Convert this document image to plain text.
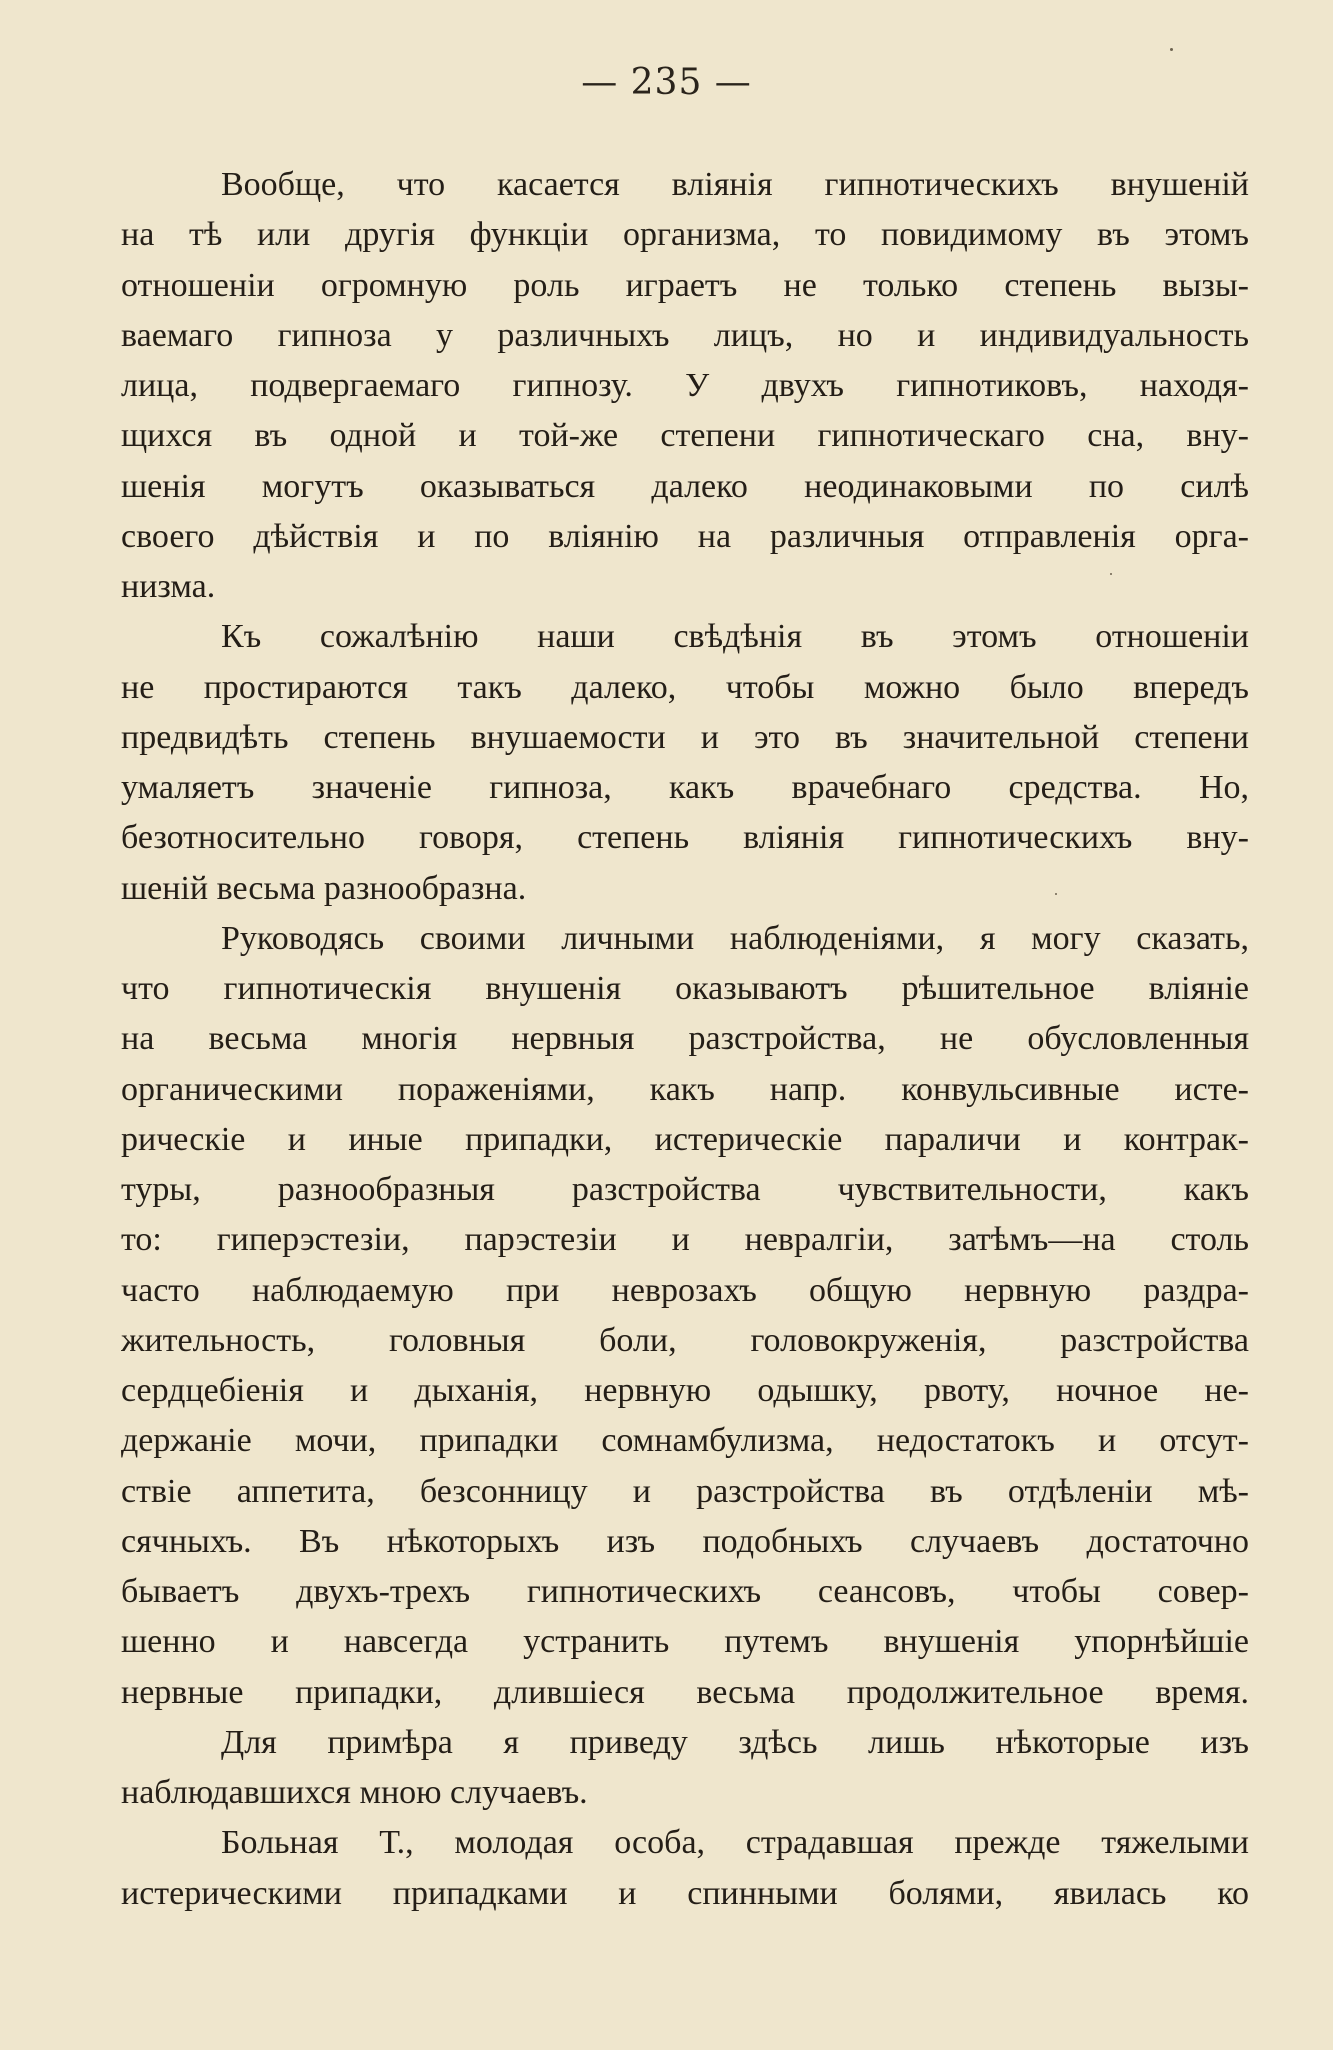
— 235 —
Вообще, что касается вліянія гипнотическихъ внушеній
на тѣ или другія функціи организма, то повидимому въ этомъ
отношеніи огромную роль играетъ не только степень вызы-
ваемаго гипноза у различныхъ лицъ, но и индивидуальность
лица, подвергаемаго гипнозу. У двухъ гипнотиковъ, находя-
щихся въ одной и той-же степени гипнотическаго сна, вну-
шенія могутъ оказываться далеко неодинаковыми по силѣ
своего дѣйствія и по вліянію на различныя отправленія орга-
низма.
Къ сожалѣнію наши свѣдѣнія въ этомъ отношеніи
не простираются такъ далеко, чтобы можно было впередъ
предвидѣть степень внушаемости и это въ значительной степени
умаляетъ значеніе гипноза, какъ врачебнаго средства. Но,
безотносительно говоря, степень вліянія гипнотическихъ вну-
шеній весьма разнообразна.
Руководясь своими личными наблюденіями, я могу сказать,
что гипнотическія внушенія оказываютъ рѣшительное вліяніе
на весьма многія нервныя разстройства, не обусловленныя
органическими пораженіями, какъ напр. конвульсивные исте-
рическіе и иные припадки, истерическіе параличи и контрак-
туры, разнообразныя разстройства чувствительности, какъ
то: гиперэстезіи, парэстезіи и невралгіи, затѣмъ—на столь
часто наблюдаемую при неврозахъ общую нервную раздра-
жительность, головныя боли, головокруженія, разстройства
сердцебіенія и дыханія, нервную одышку, рвоту, ночное не-
держаніе мочи, припадки сомнамбулизма, недостатокъ и отсут-
ствіе аппетита, безсонницу и разстройства въ отдѣленіи мѣ-
сячныхъ. Въ нѣкоторыхъ изъ подобныхъ случаевъ достаточно
бываетъ двухъ-трехъ гипнотическихъ сеансовъ, чтобы совер-
шенно и навсегда устранить путемъ внушенія упорнѣйшіе
нервные припадки, длившіеся весьма продолжительное время.
Для примѣра я приведу здѣсь лишь нѣкоторые изъ
наблюдавшихся мною случаевъ.
Больная Т., молодая особа, страдавшая прежде тяжелыми
истерическими припадками и спинными болями, явилась ко
